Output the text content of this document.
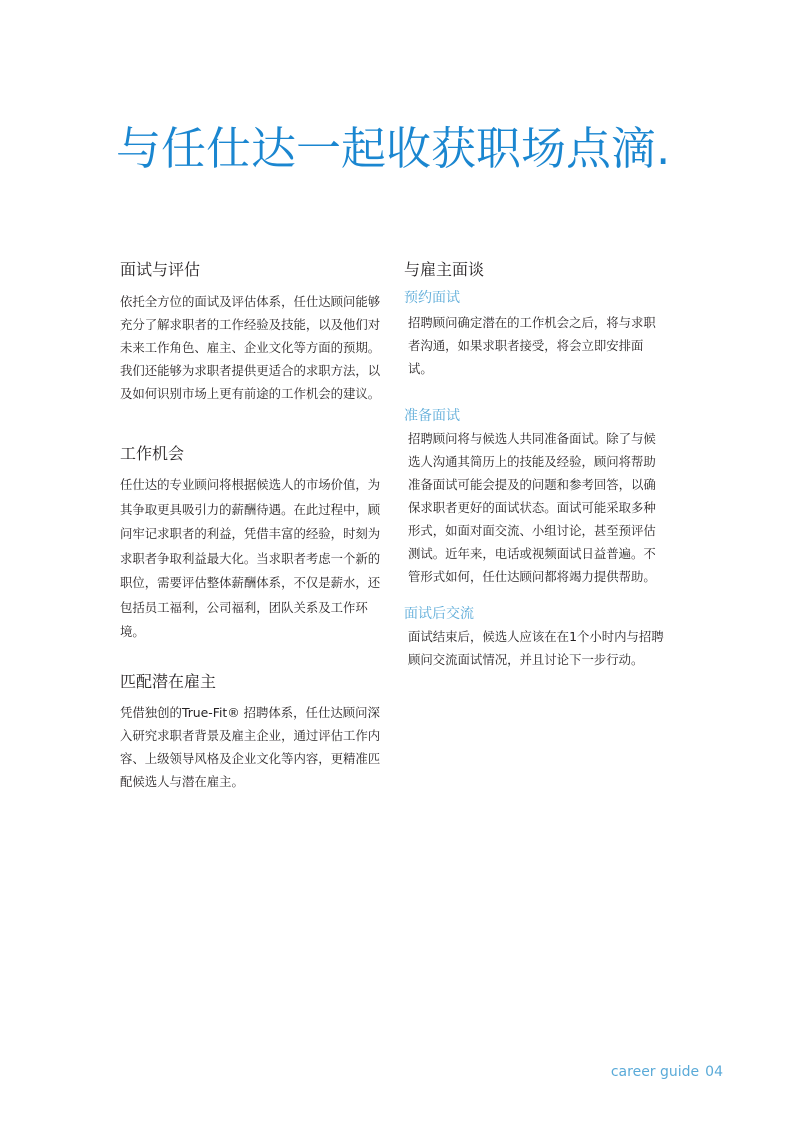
与任仕达一起收获职场点滴.
面试与评估

依托全方位的面试及评估体系，任仕达顾问能够充分了解求职者的工作经验及技能，以及他们对未来工作角色、雇主、企业文化等方面的预期。我们还能够为求职者提供更适合的求职方法，以及如何识别市场上更有前途的工作机会的建议。

工作机会

任仕达的专业顾问将根据候选人的市场价值，为其争取更具吸引力的薪酬待遇。在此过程中，顾问牢记求职者的利益，凭借丰富的经验，时刻为求职者争取利益最大化。当求职者考虑一个新的职位，需要评估整体薪酬体系，不仅是薪水，还包括员工福利，公司福利，团队关系及工作环境。

匹配潜在雇主

凭借独创的True-Fit® 招聘体系，任仕达顾问深入研究求职者背景及雇主企业，通过评估工作内容、上级领导风格及企业文化等内容，更精准匹配候选人与潜在雇主。

与雇主面谈
预约面试

招聘顾问确定潜在的工作机会之后，将与求职者沟通，如果求职者接受，将会立即安排面试。

准备面试

招聘顾问将与候选人共同准备面试。除了与候选人沟通其简历上的技能及经验，顾问将帮助准备面试可能会提及的问题和参考回答，以确保求职者更好的面试状态。面试可能采取多种形式，如面对面交流、小组讨论，甚至预评估测试。近年来，电话或视频面试日益普遍。不管形式如何，任仕达顾问都将竭力提供帮助。

面试后交流

面试结束后，候选人应该在在1个小时内与招聘顾问交流面试情况，并且讨论下一步行动。

career guide 04
